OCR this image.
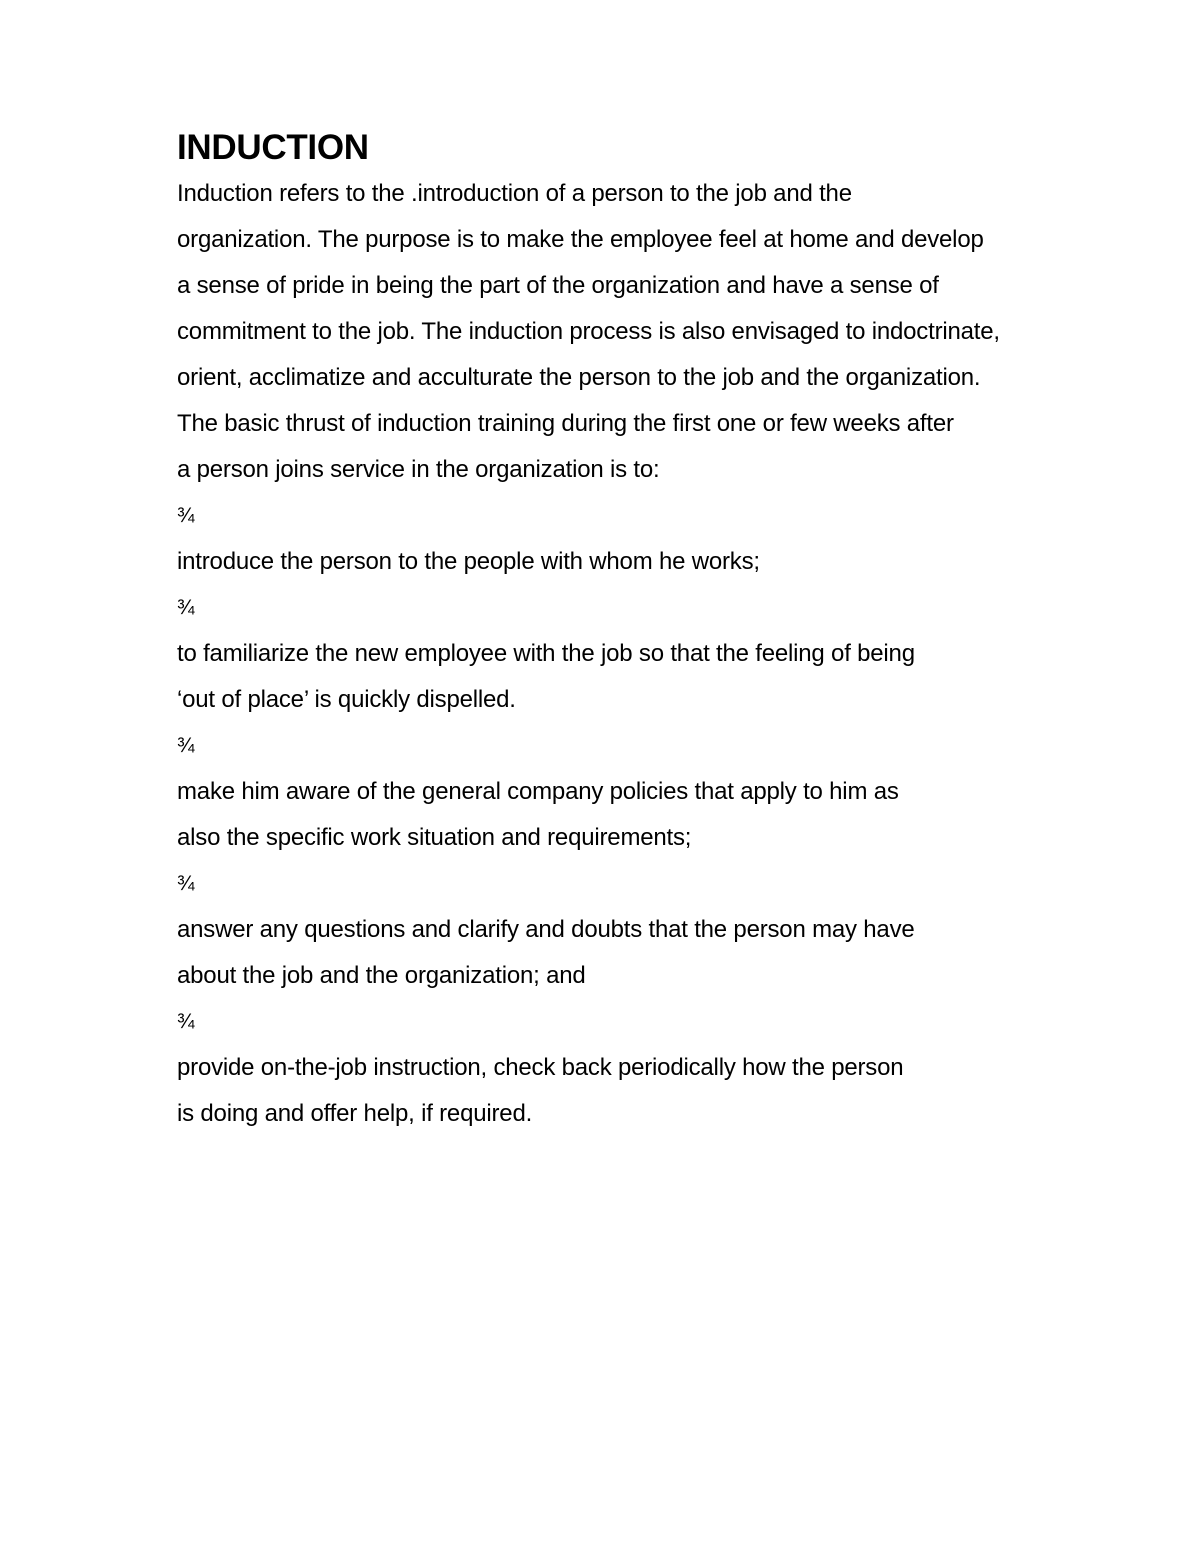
INDUCTION
Induction refers to the .introduction of a person to the job and the
organization. The purpose is to make the employee feel at home and develop
a sense of pride in being the part of the organization and have a sense of
commitment to the job. The induction process is also envisaged to indoctrinate,
orient, acclimatize and acculturate the person to the job and the organization.
The basic thrust of induction training during the first one or few weeks after
a person joins service in the organization is to:
¾
introduce the person to the people with whom he works;
¾
to familiarize the new employee with the job so that the feeling of being
‘out of place’ is quickly dispelled.
¾
make him aware of the general company policies that apply to him as
also the specific work situation and requirements;
¾
answer any questions and clarify and doubts that the person may have
about the job and the organization; and
¾
provide on-the-job instruction, check back periodically how the person
is doing and offer help, if required.
